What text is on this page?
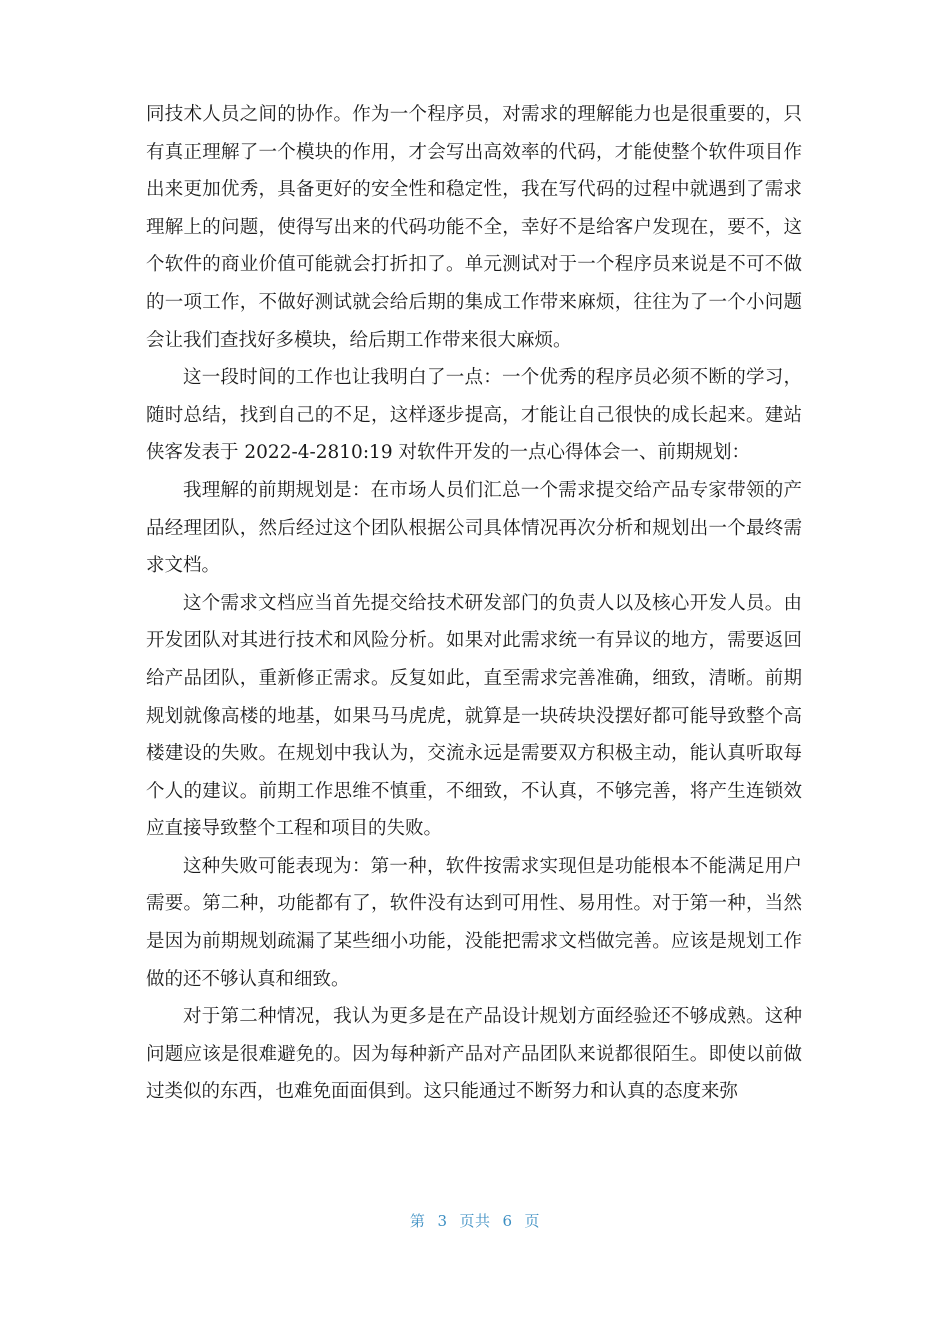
同技术人员之间的协作。作为一个程序员，对需求的理解能力也是很重要的，只有真正理解了一个模块的作用，才会写出高效率的代码，才能使整个软件项目作出来更加优秀，具备更好的安全性和稳定性，我在写代码的过程中就遇到了需求理解上的问题，使得写出来的代码功能不全，幸好不是给客户发现在，要不，这个软件的商业价值可能就会打折扣了。单元测试对于一个程序员来说是不可不做的一项工作，不做好测试就会给后期的集成工作带来麻烦，往往为了一个小问题会让我们查找好多模块，给后期工作带来很大麻烦。

这一段时间的工作也让我明白了一点：一个优秀的程序员必须不断的学习，随时总结，找到自己的不足，这样逐步提高，才能让自己很快的成长起来。建站侠客发表于 2022-4-2810:19 对软件开发的一点心得体会一、前期规划：

我理解的前期规划是：在市场人员们汇总一个需求提交给产品专家带领的产品经理团队，然后经过这个团队根据公司具体情况再次分析和规划出一个最终需求文档。

这个需求文档应当首先提交给技术研发部门的负责人以及核心开发人员。由开发团队对其进行技术和风险分析。如果对此需求统一有异议的地方，需要返回给产品团队，重新修正需求。反复如此，直至需求完善准确，细致，清晰。前期规划就像高楼的地基，如果马马虎虎，就算是一块砖块没摆好都可能导致整个高楼建设的失败。在规划中我认为，交流永远是需要双方积极主动，能认真听取每个人的建议。前期工作思维不慎重，不细致，不认真，不够完善，将产生连锁效应直接导致整个工程和项目的失败。

这种失败可能表现为：第一种，软件按需求实现但是功能根本不能满足用户需要。第二种，功能都有了，软件没有达到可用性、易用性。对于第一种，当然是因为前期规划疏漏了某些细小功能，没能把需求文档做完善。应该是规划工作做的还不够认真和细致。

对于第二种情况，我认为更多是在产品设计规划方面经验还不够成熟。这种问题应该是很难避免的。因为每种新产品对产品团队来说都很陌生。即使以前做过类似的东西，也难免面面俱到。这只能通过不断努力和认真的态度来弥

第 3 页共 6 页
